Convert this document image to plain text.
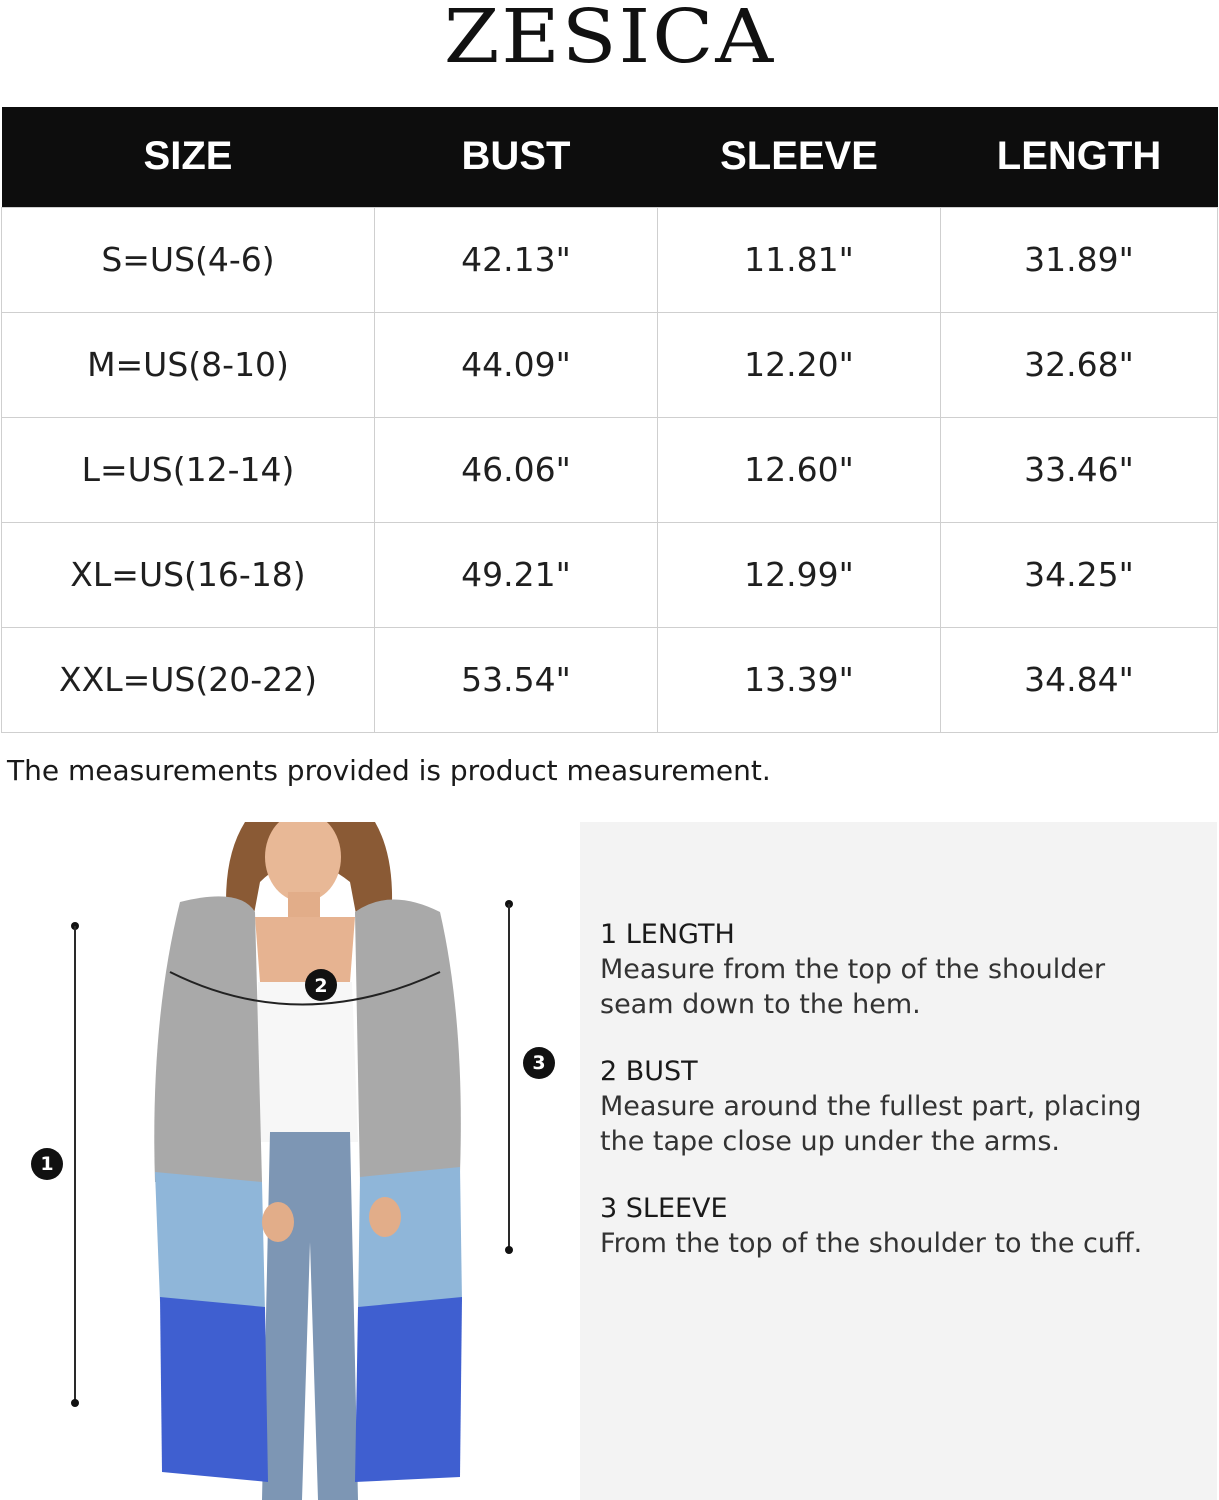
ZESICA
SIZE	BUST	SLEEVE	LENGTH
S=US(4-6)	42.13"	11.81"	31.89"
M=US(8-10)	44.09"	12.20"	32.68"
L=US(12-14)	46.06"	12.60"	33.46"
XL=US(16-18)	49.21"	12.99"	34.25"
XXL=US(20-22)	53.54"	13.39"	34.84"
The measurements provided is product measurement.
1
3
2
1 LENGTH
Measure from the top of the shoulder
seam down to the hem.
2 BUST
Measure around the fullest part, placing
the tape close up under the arms.
3 SLEEVE
From the top of the shoulder to the cuff.
